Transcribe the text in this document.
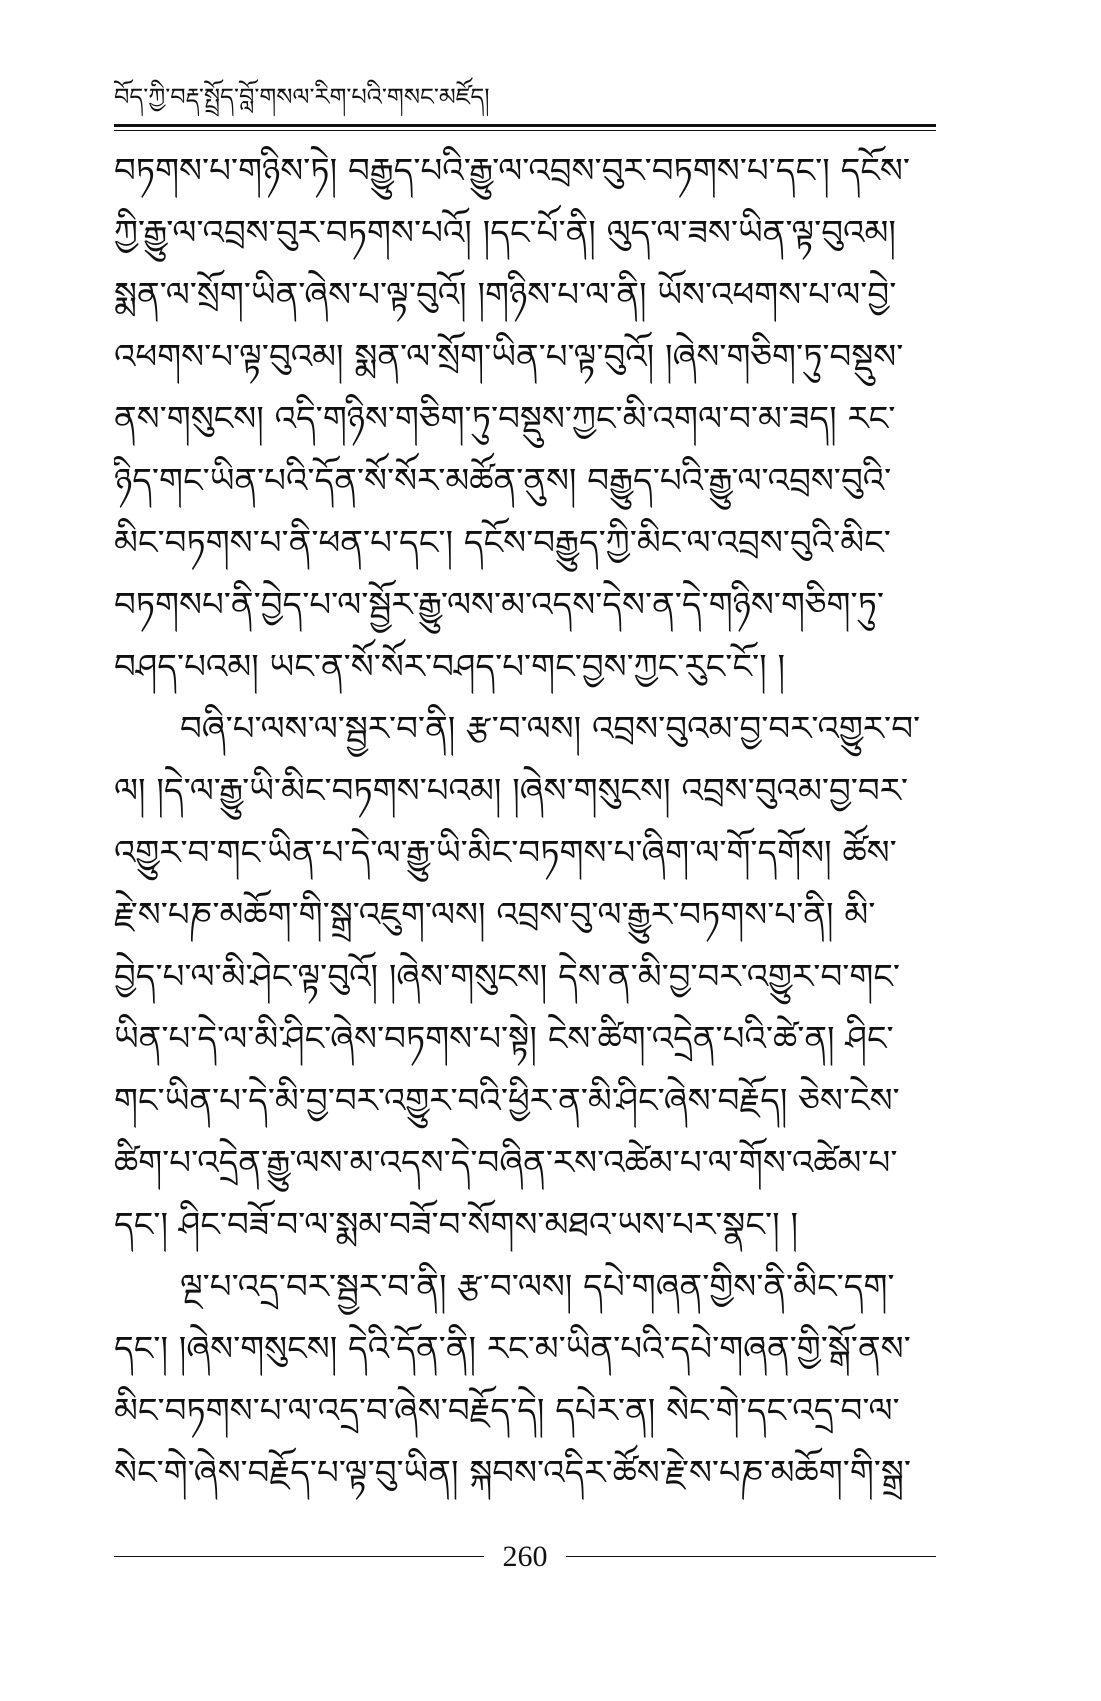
བོད་ཀྱི་བརྡ་སྤྲོད་བློ་གསལ་རིག་པའི་གསང་མཛོད།
བཏགས་པ་གཉིས་ཏེ། བརྒྱུད་པའི་རྒྱུ་ལ་འབྲས་བུར་བཏགས་པ་དང་། དངོས་
ཀྱི་རྒྱུ་ལ་འབྲས་བུར་བཏགས་པའོ། །དང་པོ་ནི། ལུད་ལ་ཟས་ཡིན་ལྟ་བུའམ།
སྨན་ལ་སྲོག་ཡིན་ཞེས་པ་ལྟ་བུའོ། །གཉིས་པ་ལ་ནི། ཡོས་འཕགས་པ་ལ་བྱེ་
འཕགས་པ་ལྟ་བུའམ། སྨན་ལ་སྲོག་ཡིན་པ་ལྟ་བུའོ། །ཞེས་གཅིག་ཏུ་བསྡུས་
ནས་གསུངས། འདི་གཉིས་གཅིག་ཏུ་བསྡུས་ཀྱང་མི་འགལ་བ་མ་ཟད། རང་
ཉིད་གང་ཡིན་པའི་དོན་སོ་སོར་མཚོན་ནུས། བརྒྱུད་པའི་རྒྱུ་ལ་འབྲས་བུའི་
མིང་བཏགས་པ་ནི་ཕན་པ་དང་། དངོས་བརྒྱུད་ཀྱི་མིང་ལ་འབྲས་བུའི་མིང་
བཏགསཔ་ནི་བྱེད་པ་ལ་སྦྱོར་རྒྱུ་ལས་མ་འདས་དེས་ན་དེ་གཉིས་གཅིག་ཏུ་
བཤད་པའམ། ཡང་ན་སོ་སོར་བཤད་པ་གང་བྱས་ཀྱང་རུང་ངོ་། །
བཞི་པ་ལས་ལ་སྦྱར་བ་ནི། རྩ་བ་ལས། འབྲས་བུའམ་བྱ་བར་འགྱུར་བ་
ལ། །དེ་ལ་རྒྱུ་ཡི་མིང་བཏགས་པའམ། །ཞེས་གསུངས། འབྲས་བུའམ་བྱ་བར་
འགྱུར་བ་གང་ཡིན་པ་དེ་ལ་རྒྱུ་ཡི་མིང་བཏགས་པ་ཞིག་ལ་གོ་དགོས། ཚོས་
རྗེ་ས་པཎ་མཆོག་གི་སྒྲ་འཇུག་ལས། འབྲས་བུ་ལ་རྒྱུར་བཏགས་པ་ནི། མི་
བྱེད་པ་ལ་མི་ཤེང་ལྟ་བུའོ། །ཞེས་གསུངས། དེས་ན་མི་བྱ་བར་འགྱུར་བ་གང་
ཡིན་པ་དེ་ལ་མི་ཤིང་ཞེས་བཏགས་པ་སྟེ། ངེས་ཚིག་འདྲེན་པའི་ཚེ་ན། ཤིང་
གང་ཡིན་པ་དེ་མི་བྱ་བར་འགྱུར་བའི་ཕྱིར་ན་མི་ཤིང་ཞེས་བརྗོད། ཅེས་ངེས་
ཚིག་པ་འདྲེན་རྒྱུ་ལས་མ་འདས་དེ་བཞིན་རས་འཚེམ་པ་ལ་གོས་འཚེམ་པ་
དང་། ཤིང་བཟོ་བ་ལ་སྨམ་བཟོ་བ་སོགས་མཐའ་ཡས་པར་སྣང་། །
ལྔ་པ་འདྲ་བར་སྦྱར་བ་ནི། རྩ་བ་ལས། དཔེ་གཞན་གྱིས་ནི་མིང་དག་
དང་། །ཞེས་གསུངས། དེའི་དོན་ནི། རང་མ་ཡིན་པའི་དཔེ་གཞན་གྱི་སྒོ་ནས་
མིང་བཏགས་པ་ལ་འདྲ་བ་ཞེས་བརྗོད་དེ། དཔེར་ན། སེང་གེ་དང་འདྲ་བ་ལ་
སེང་གེ་ཞེས་བརྗོད་པ་ལྟ་བུ་ཡིན། སྐབས་འདིར་ཚོས་རྗེ་ས་པཎ་མཆོག་གི་སྒྲ་
260
